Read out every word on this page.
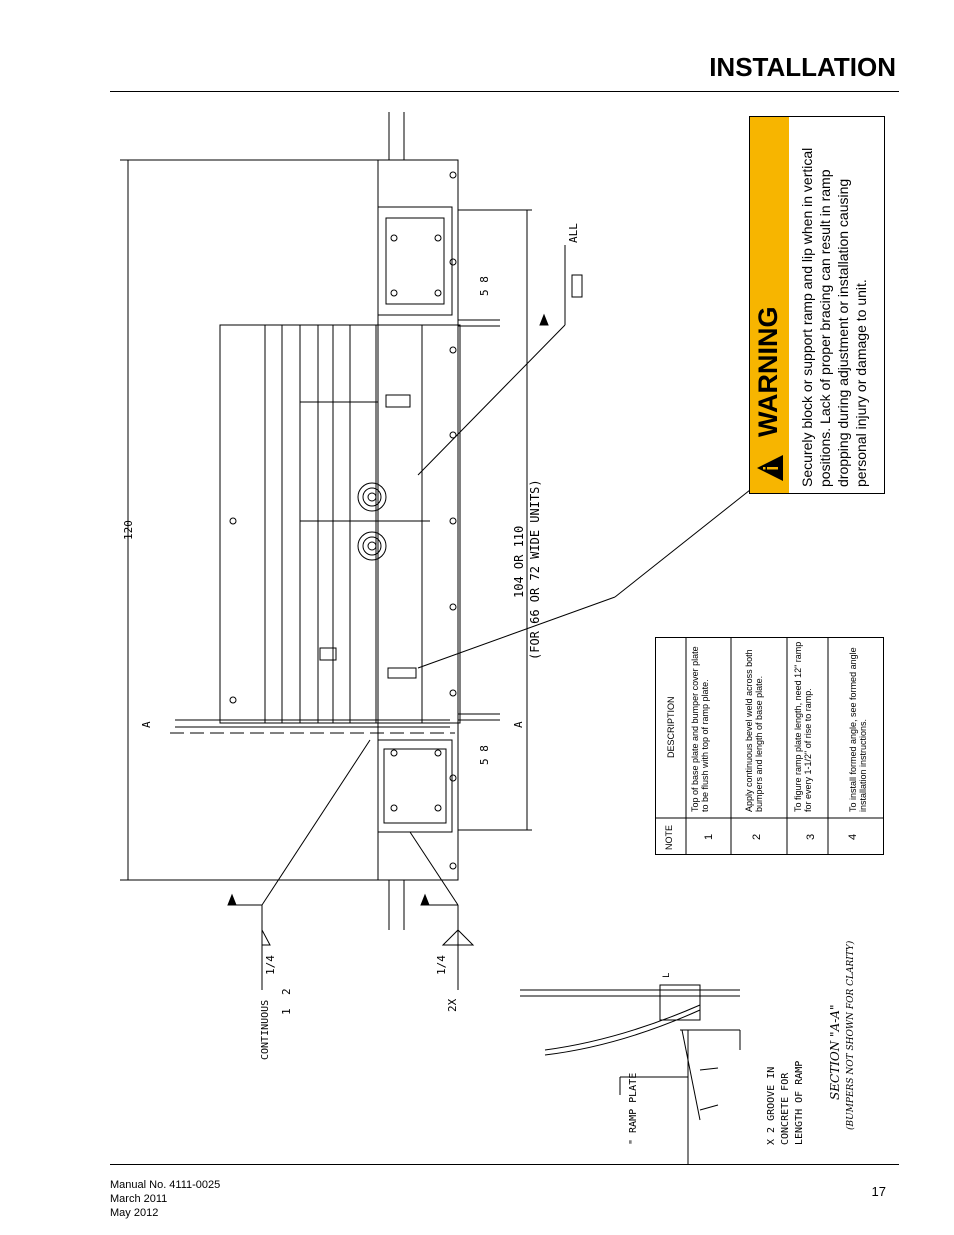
INSTALLATION
120	104 OR 110 (FOR 66 OR 72 WIDE UNITS)
5 8
5 8
ALL
A	A
1/4
CONTINUOUS 1
2
1/4
2X
" RAMP PLATE	X 2 GROOVE IN CONCRETE FOR LENGTH OF RAMP
SECTION "A-A" (BUMPERS NOT SHOWN FOR CLARITY)
L
WARNING Securely block or support ramp and lip when in vertical positions. Lack of proper bracing can result in ramp dropping during adjustment or installation causing personal injury or damage to unit.
NOTE
DESCRIPTION
1
Top of base plate and bumper cover plate to be flush with top of ramp plate.
2
Apply continuous bevel weld across both bumpers and length of base plate.
3
To figure ramp plate length, need 12" ramp for every 1-1/2" of rise to ramp.
4
To install formed angle, see formed angle installation instructions.
Manual No. 4111-0025
March 2011
May 2012
17
